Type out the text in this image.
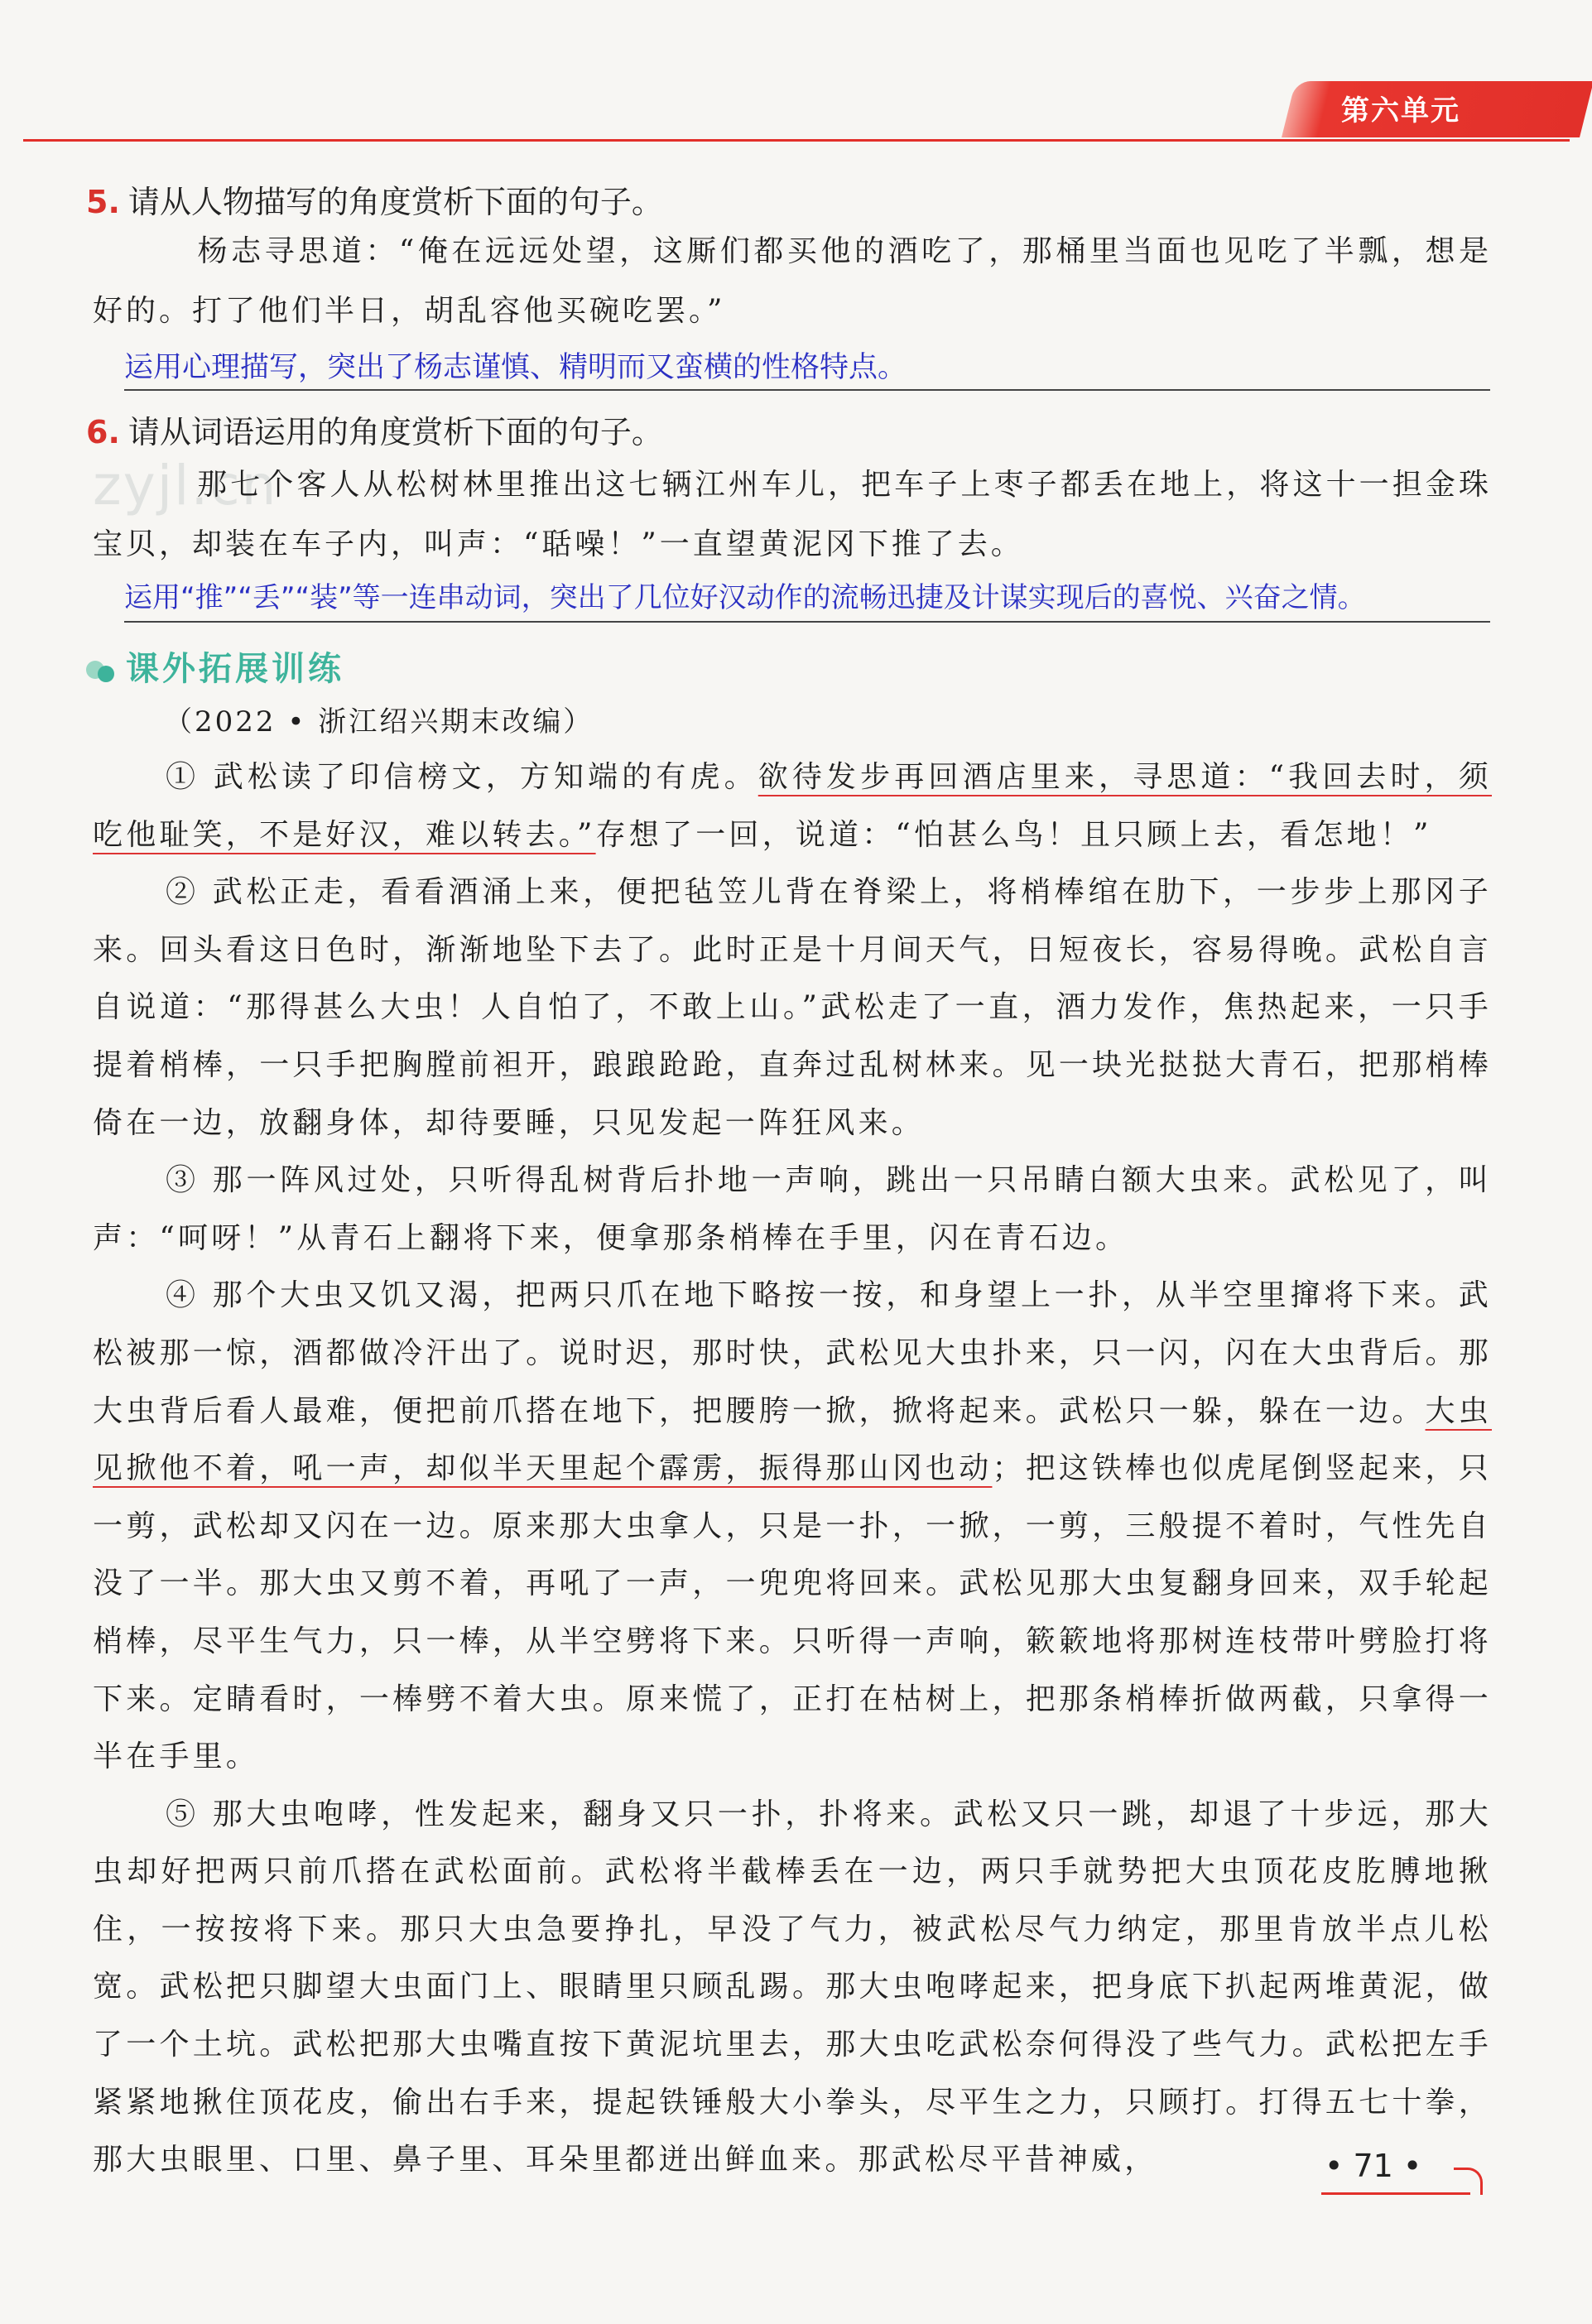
第六单元
5. 请从人物描写的角度赏析下面的句子。
杨志寻思道：“俺在远远处望，这厮们都买他的酒吃了，那桶里当面也见吃了半瓢，想是好的。打了他们半日，胡乱容他买碗吃罢。”
运用心理描写，突出了杨志谨慎、精明而又蛮横的性格特点。
6. 请从词语运用的角度赏析下面的句子。
zyjl.cn
那七个客人从松树林里推出这七辆江州车儿，把车子上枣子都丢在地上，将这十一担金珠宝贝，却装在车子内，叫声：“聒噪！”一直望黄泥冈下推了去。
运用“推”“丢”“装”等一连串动词，突出了几位好汉动作的流畅迅捷及计谋实现后的喜悦、兴奋之情。
课外拓展训练
（2022 • 浙江绍兴期末改编）

① 武松读了印信榜文，方知端的有虎。欲待发步再回酒店里来，寻思道：“我回去时，须吃他耻笑，不是好汉，难以转去。”存想了一回，说道：“怕甚么鸟！且只顾上去，看怎地！”

② 武松正走，看看酒涌上来，便把毡笠儿背在脊梁上，将梢棒绾在肋下，一步步上那冈子来。回头看这日色时，渐渐地坠下去了。此时正是十月间天气，日短夜长，容易得晚。武松自言自说道：“那得甚么大虫！人自怕了，不敢上山。”武松走了一直，酒力发作，焦热起来，一只手提着梢棒，一只手把胸膛前袒开，踉踉跄跄，直奔过乱树林来。见一块光挞挞大青石，把那梢棒倚在一边，放翻身体，却待要睡，只见发起一阵狂风来。

③ 那一阵风过处，只听得乱树背后扑地一声响，跳出一只吊睛白额大虫来。武松见了，叫声：“呵呀！”从青石上翻将下来，便拿那条梢棒在手里，闪在青石边。

④ 那个大虫又饥又渴，把两只爪在地下略按一按，和身望上一扑，从半空里撺将下来。武松被那一惊，酒都做冷汗出了。说时迟，那时快，武松见大虫扑来，只一闪，闪在大虫背后。那大虫背后看人最难，便把前爪搭在地下，把腰胯一掀，掀将起来。武松只一躲，躲在一边。大虫见掀他不着，吼一声，却似半天里起个霹雳，振得那山冈也动；把这铁棒也似虎尾倒竖起来，只一剪，武松却又闪在一边。原来那大虫拿人，只是一扑，一掀，一剪，三般提不着时，气性先自没了一半。那大虫又剪不着，再吼了一声，一兜兜将回来。武松见那大虫复翻身回来，双手轮起梢棒，尽平生气力，只一棒，从半空劈将下来。只听得一声响，簌簌地将那树连枝带叶劈脸打将下来。定睛看时，一棒劈不着大虫。原来慌了，正打在枯树上，把那条梢棒折做两截，只拿得一半在手里。

⑤ 那大虫咆哮，性发起来，翻身又只一扑，扑将来。武松又只一跳，却退了十步远，那大虫却好把两只前爪搭在武松面前。武松将半截棒丢在一边，两只手就势把大虫顶花皮肐膊地揪住，一按按将下来。那只大虫急要挣扎，早没了气力，被武松尽气力纳定，那里肯放半点儿松宽。武松把只脚望大虫面门上、眼睛里只顾乱踢。那大虫咆哮起来，把身底下扒起两堆黄泥，做了一个土坑。武松把那大虫嘴直按下黄泥坑里去，那大虫吃武松奈何得没了些气力。武松把左手紧紧地揪住顶花皮，偷出右手来，提起铁锤般大小拳头，尽平生之力，只顾打。打得五七十拳，那大虫眼里、口里、鼻子里、耳朵里都迸出鲜血来。那武松尽平昔神威，	• 71 •
